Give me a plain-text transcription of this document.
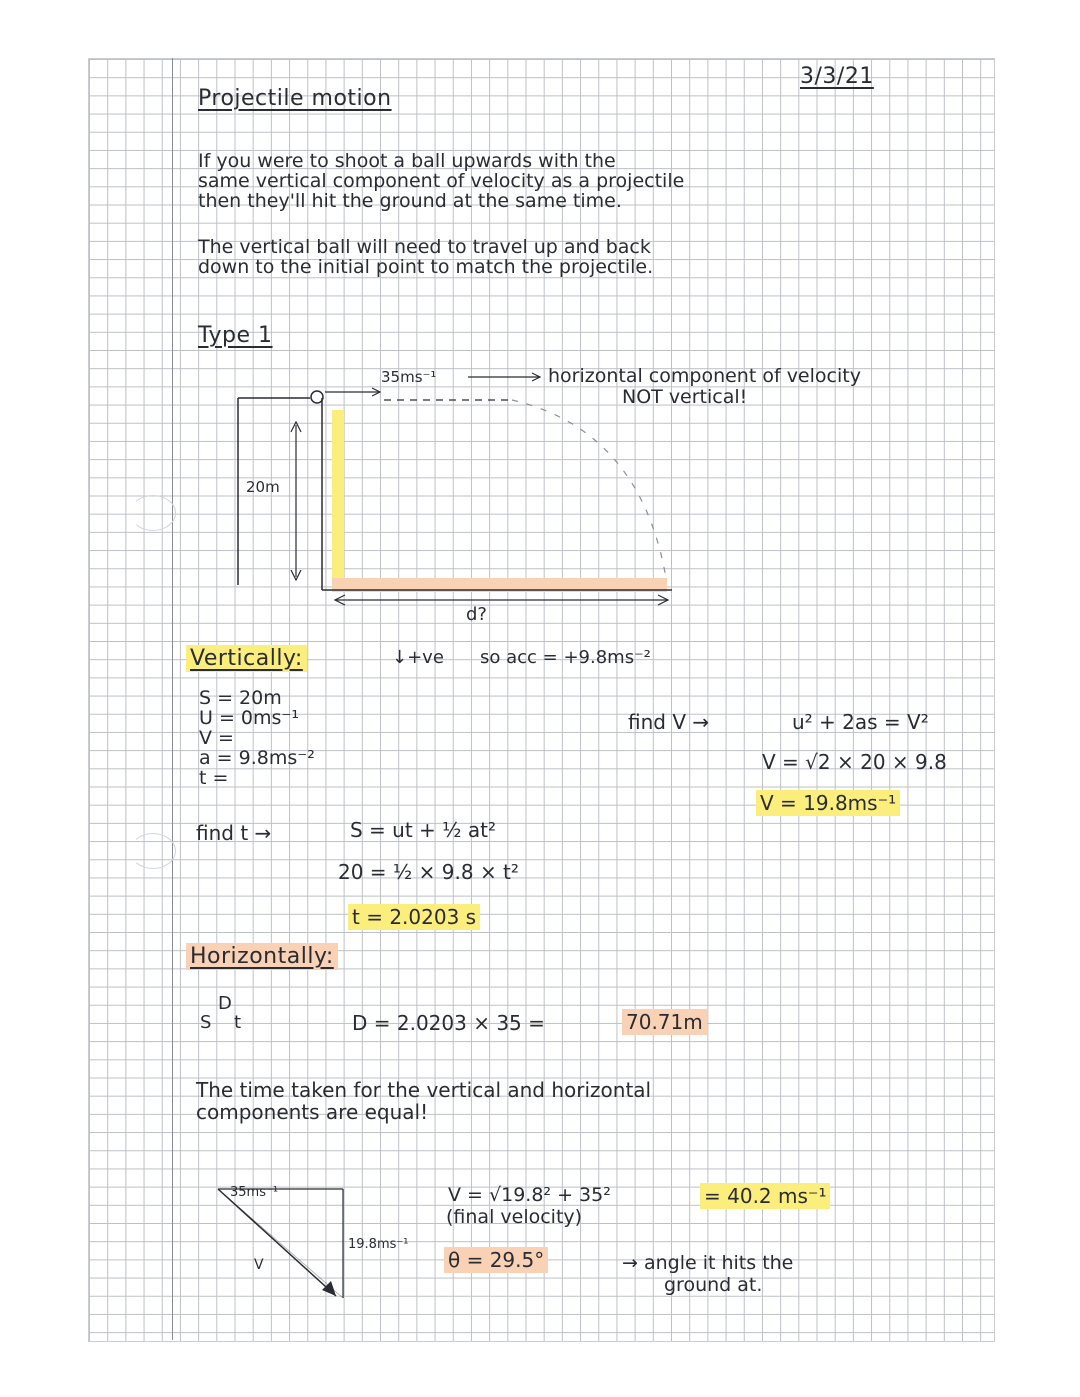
3/3/21
Projectile motion
If you were to shoot a ball upwards with the
same vertical component of velocity as a projectile
then they'll hit the ground at the same time.
The vertical ball will need to travel up and back
down to the initial point to match the projectile.
Type 1
35ms⁻¹	horizontal component of velocity
NOT vertical!
20m
d?
Vertically:	↓+ve so acc = +9.8ms⁻²
S = 20m
U = 0ms⁻¹
V =
a = 9.8ms⁻²
t =
find t →	S = ut + ½ at²
20 = ½ × 9.8 × t²
t = 2.0203 s
find V →	u² + 2as = V²
V = √2 × 20 × 9.8
V = 19.8ms⁻¹
Horizontally:
D
S t	D = 2.0203 × 35 =	70.71m
The time taken for the vertical and horizontal
components are equal!
35ms⁻¹
V
19.8ms⁻¹
V = √19.8² + 35²
(final velocity)
= 40.2 ms⁻¹
θ = 29.5°	→ angle it hits the
ground at.
